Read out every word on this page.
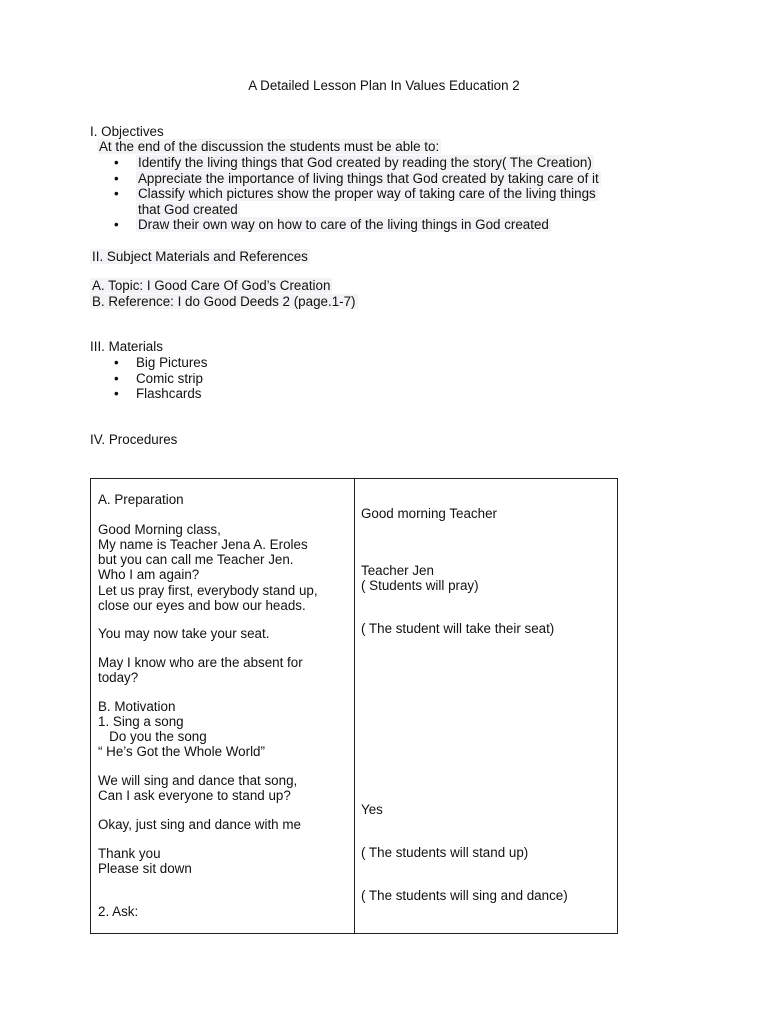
A Detailed Lesson Plan In Values Education 2
I. Objectives
At the end of the discussion the students must be able to:
• Identify the living things that God created by reading the story( The Creation)
• Appreciate the importance of living things that God created by taking care of it
• Classify which pictures show the proper way of taking care of the living things
that God created
• Draw their own way on how to care of the living things in God created
II. Subject Materials and References
A. Topic: I Good Care Of God’s Creation
B. Reference: I do Good Deeds 2 (page.1-7)
III. Materials
• Big Pictures
• Comic strip
• Flashcards
IV. Procedures
A. Preparation
Good Morning class,
My name is Teacher Jena A. Eroles
but you can call me Teacher Jen.
Who I am again?
Let us pray first, everybody stand up,
close our eyes and bow our heads.
You may now take your seat.
May I know who are the absent for
today?
B. Motivation
1. Sing a song
Do you the song
“ He’s Got the Whole World”
We will sing and dance that song,
Can I ask everyone to stand up?
Okay, just sing and dance with me
Thank you
Please sit down
2. Ask:
Good morning Teacher
Teacher Jen
( Students will pray)
( The student will take their seat)
Yes
( The students will stand up)
( The students will sing and dance)
